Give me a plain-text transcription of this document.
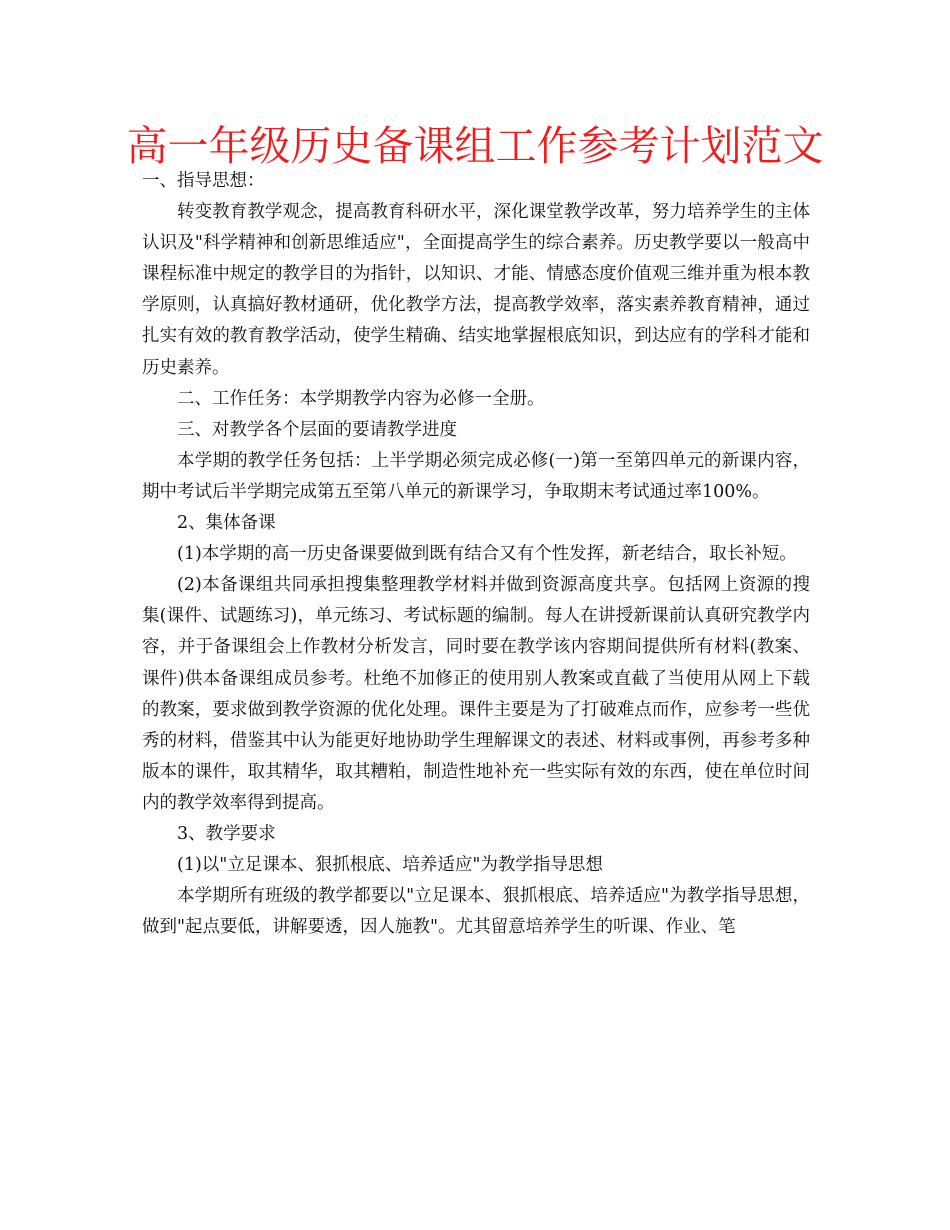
高一年级历史备课组工作参考计划范文

一、指导思想：

转变教育教学观念，提高教育科研水平，深化课堂教学改革，努力培养学生的主体认识及"科学精神和创新思维适应"，全面提高学生的综合素养。历史教学要以一般高中课程标准中规定的教学目的为指针，以知识、才能、情感态度价值观三维并重为根本教学原则，认真搞好教材通研，优化教学方法，提高教学效率，落实素养教育精神，通过扎实有效的教育教学活动，使学生精确、结实地掌握根底知识，到达应有的学科才能和历史素养。

二、工作任务：本学期教学内容为必修一全册。

三、对教学各个层面的要请教学进度

本学期的教学任务包括：上半学期必须完成必修(一)第一至第四单元的新课内容，期中考试后半学期完成第五至第八单元的新课学习，争取期末考试通过率100%。

2、集体备课

(1)本学期的高一历史备课要做到既有结合又有个性发挥，新老结合，取长补短。

(2)本备课组共同承担搜集整理教学材料并做到资源高度共享。包括网上资源的搜集(课件、试题练习)，单元练习、考试标题的编制。每人在讲授新课前认真研究教学内容，并于备课组会上作教材分析发言，同时要在教学该内容期间提供所有材料(教案、课件)供本备课组成员参考。杜绝不加修正的使用别人教案或直截了当使用从网上下载的教案，要求做到教学资源的优化处理。课件主要是为了打破难点而作，应参考一些优秀的材料，借鉴其中认为能更好地协助学生理解课文的表述、材料或事例，再参考多种版本的课件，取其精华，取其糟粕，制造性地补充一些实际有效的东西，使在单位时间内的教学效率得到提高。

3、教学要求

(1)以"立足课本、狠抓根底、培养适应"为教学指导思想

本学期所有班级的教学都要以"立足课本、狠抓根底、培养适应"为教学指导思想，做到"起点要低，讲解要透，因人施教"。尤其留意培养学生的听课、作业、笔
